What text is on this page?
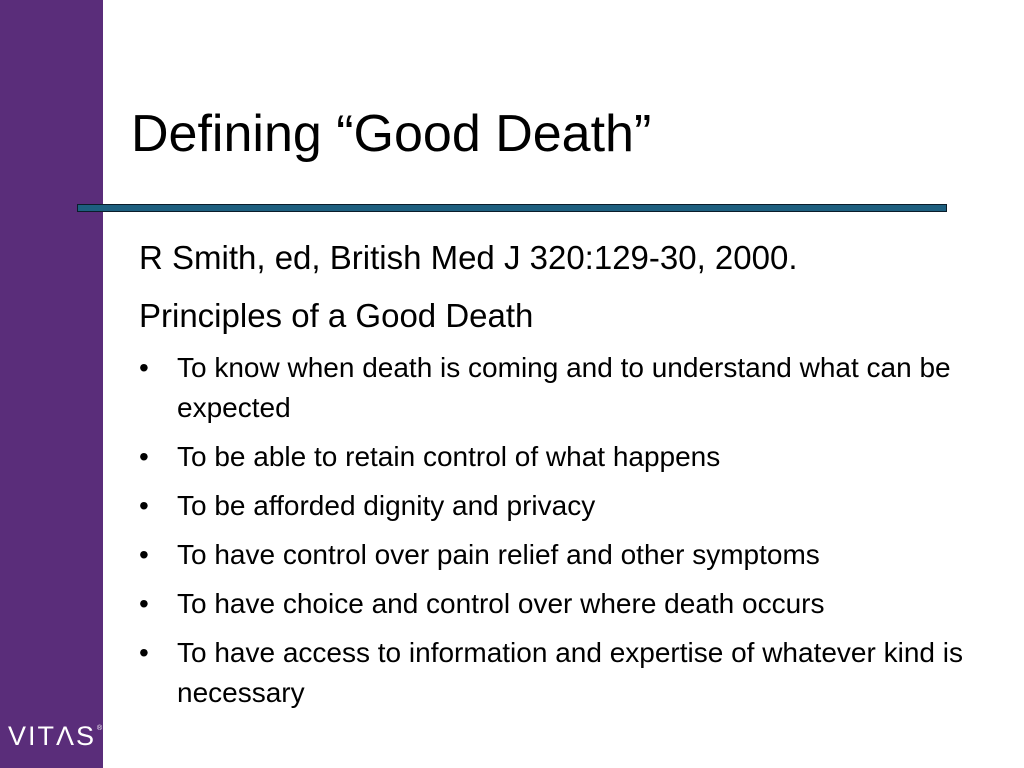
VITΛS®
Defining “Good Death”
R Smith, ed, British Med J 320:129-30, 2000.
Principles of a Good Death
•	To know when death is coming and to understand what can be expected
•	To be able to retain control of what happens
•	To be afforded dignity and privacy
•	To have control over pain relief and other symptoms
•	To have choice and control over where death occurs
•	To have access to information and expertise of whatever kind is necessary
